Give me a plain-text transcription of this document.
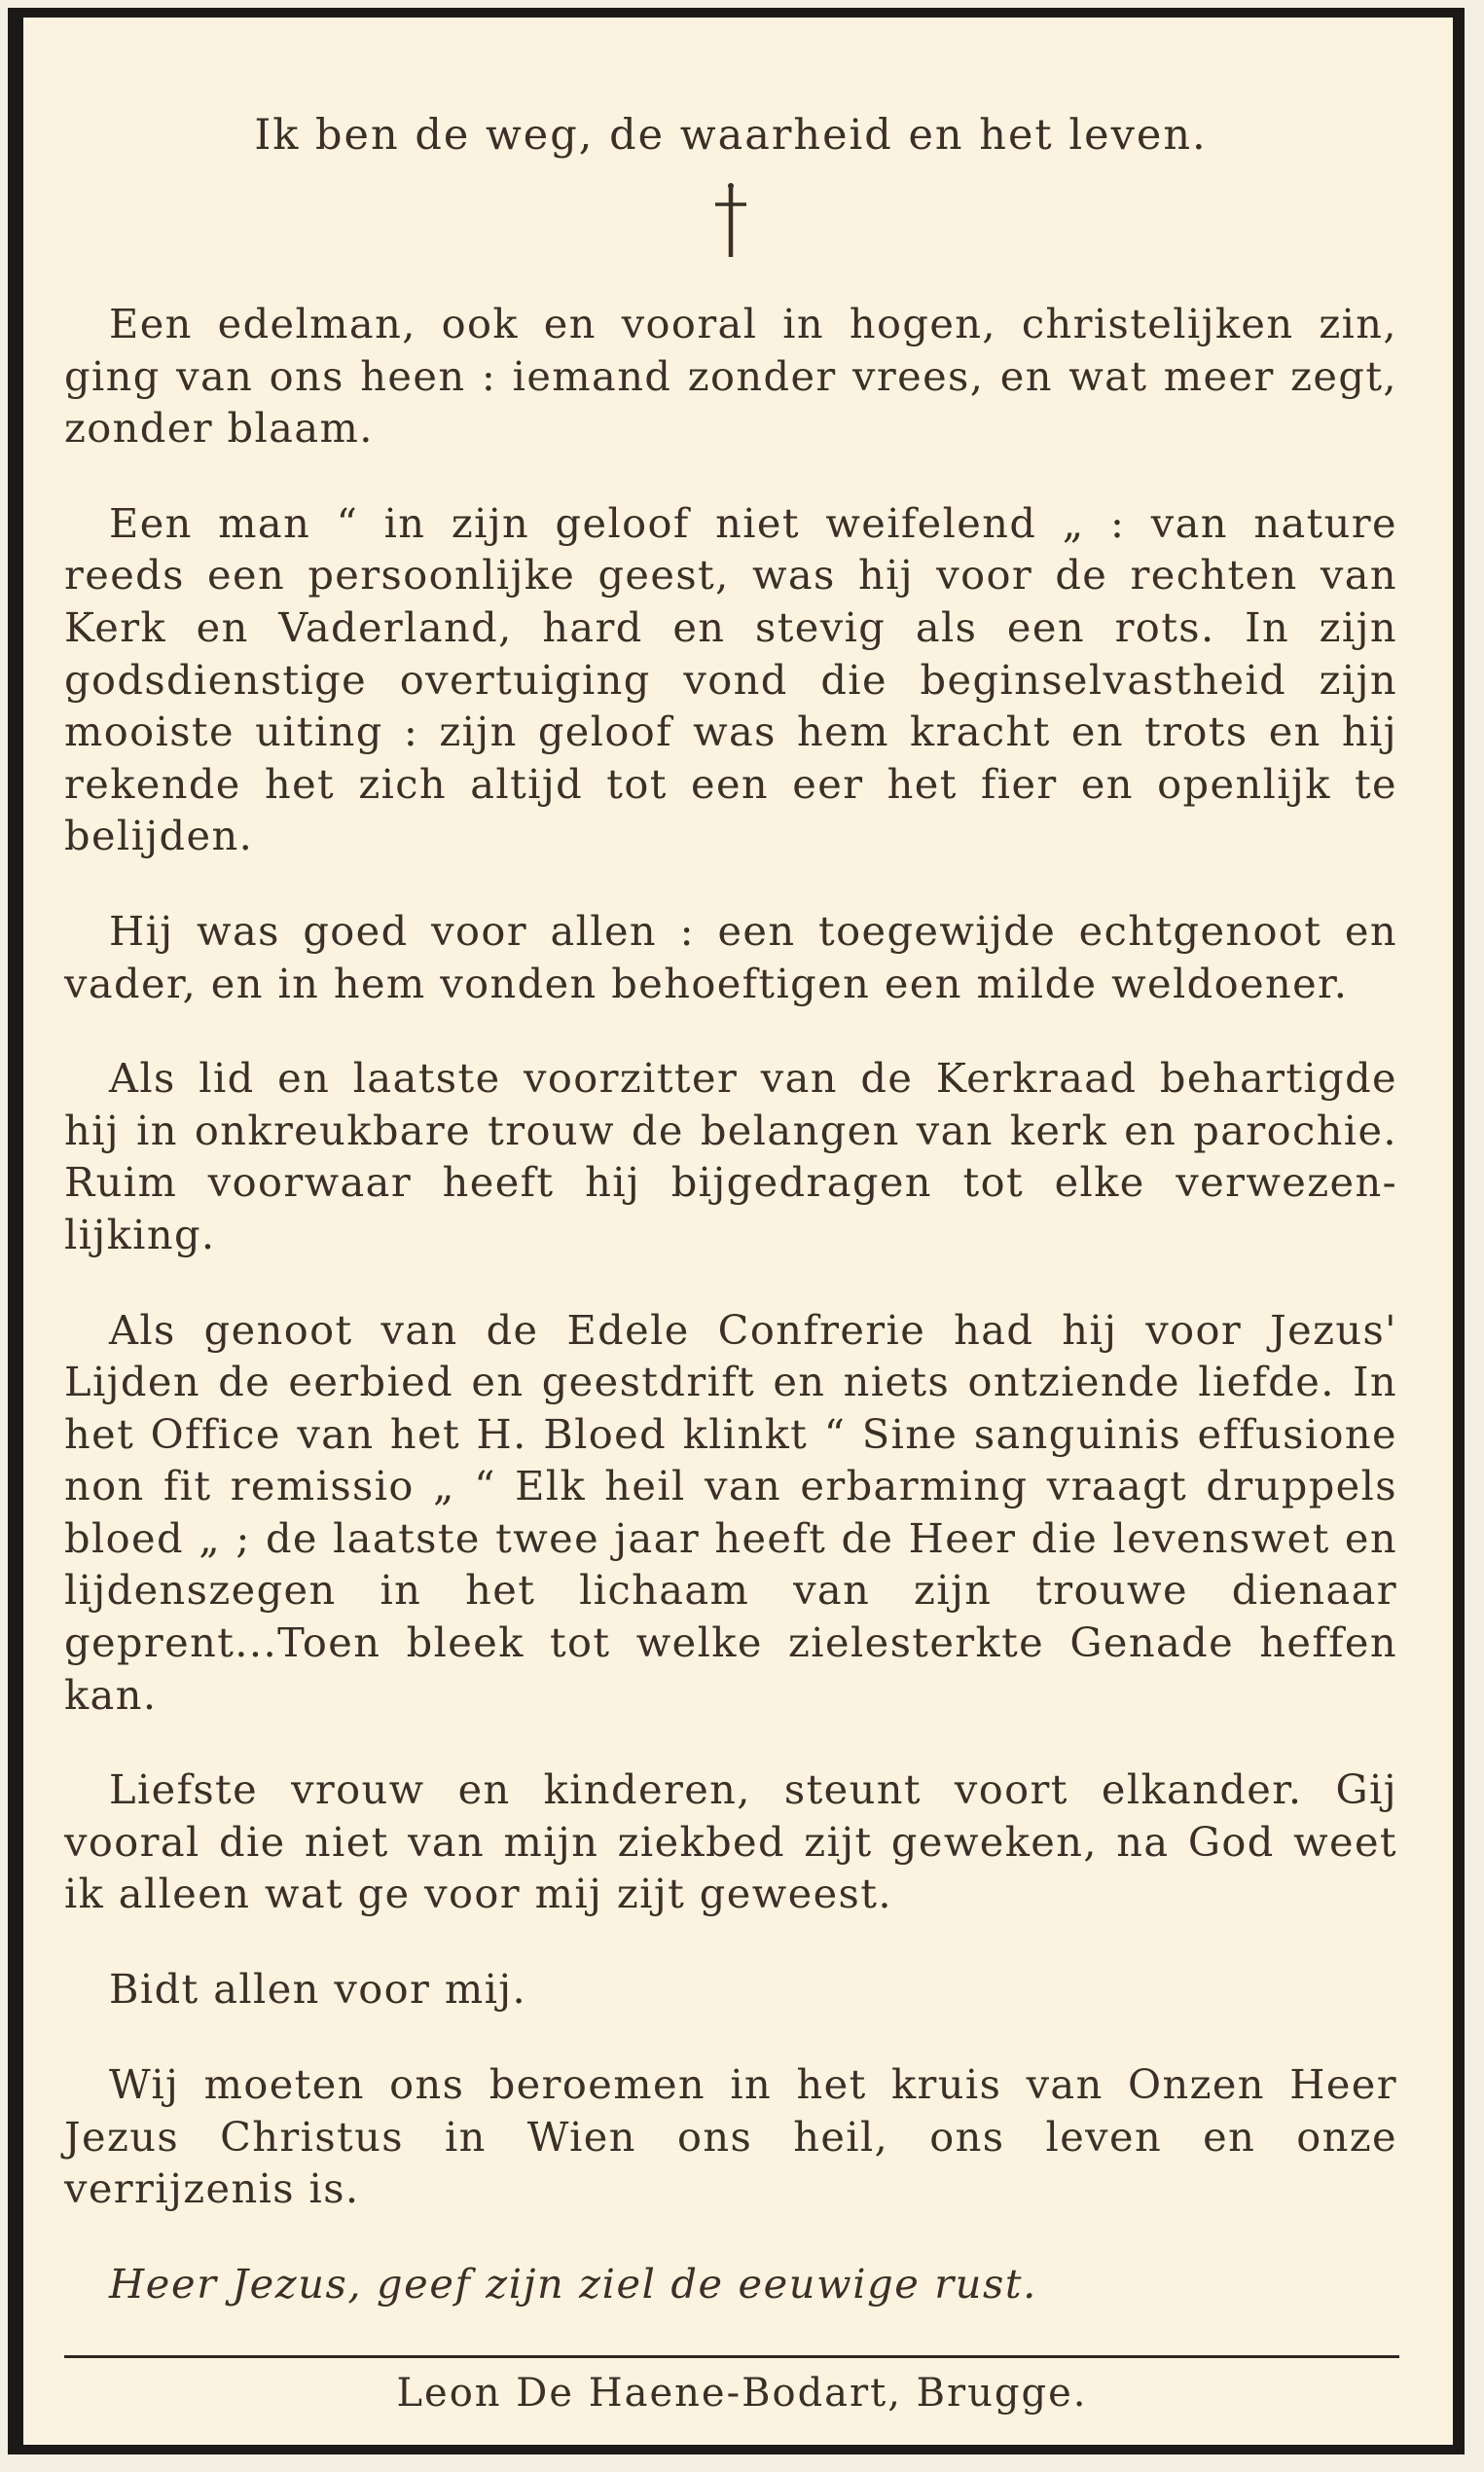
Ik ben de weg, de waarheid en het leven.

Een edelman, ook en vooral in hogen, christelijken zin, ging van ons heen : iemand zonder vrees, en wat meer zegt, zonder blaam.

Een man “ in zijn geloof niet weifelend „ : van nature reeds een persoonlijke geest, was hij voor de rechten van Kerk en Vaderland, hard en stevig als een rots. In zijn godsdienstige overtuiging vond die beginselvastheid zijn mooiste uiting : zijn geloof was hem kracht en trots en hij rekende het zich altijd tot een eer het fier en openlijk te belijden.

Hij was goed voor allen : een toegewijde echtgenoot en vader, en in hem vonden behoeftigen een milde weldoener.

Als lid en laatste voorzitter van de Kerkraad behartigde hij in onkreukbare trouw de belangen van kerk en parochie. Ruim voorwaar heeft hij bijgedragen tot elke verwezen-lijking.

Als genoot van de Edele Confrerie had hij voor Jezus' Lijden de eerbied en geestdrift en niets ontziende liefde. In het Office van het H. Bloed klinkt “ Sine sanguinis effusione non fit remissio „ “ Elk heil van erbarming vraagt druppels bloed „ ; de laatste twee jaar heeft de Heer die levenswet en lijdenszegen in het lichaam van zijn trouwe dienaar geprent...Toen bleek tot welke zielesterkte Genade heffen kan.

Liefste vrouw en kinderen, steunt voort elkander. Gij vooral die niet van mijn ziekbed zijt geweken, na God weet ik alleen wat ge voor mij zijt geweest.

Bidt allen voor mij.

Wij moeten ons beroemen in het kruis van Onzen Heer Jezus Christus in Wien ons heil, ons leven en onze verrijzenis is.

Heer Jezus, geef zijn ziel de eeuwige rust.

Leon De Haene-Bodart, Brugge.
